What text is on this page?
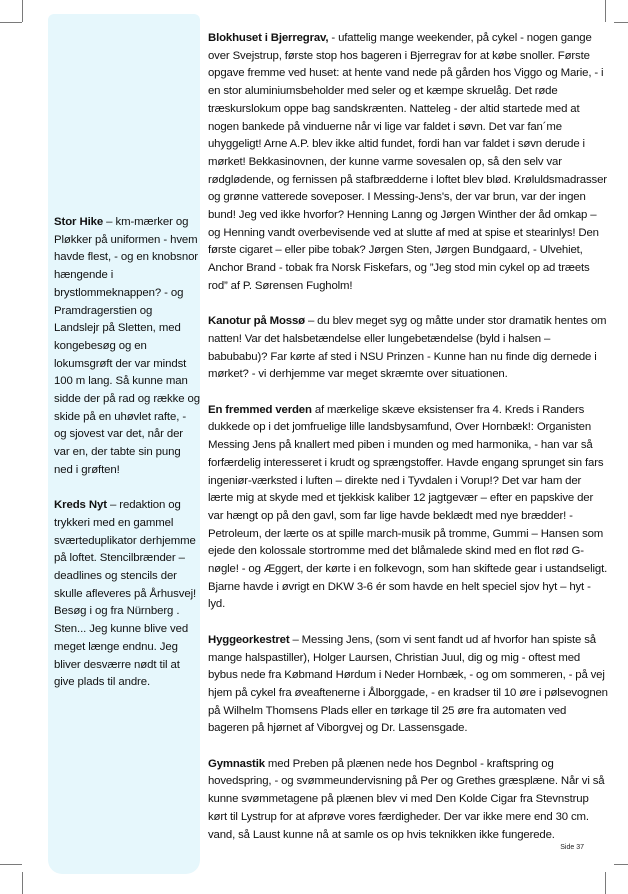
Stor Hike – km-mærker og Pløkker på uniformen - hvem havde flest, - og en knobsnor hængende i brystlommeknappen? - og Pramdragerstien og Landslejr på Sletten, med kongebesøg og en lokumsgrøft der var mindst 100 m lang. Så kunne man sidde der på rad og række og skide på en uhøvlet rafte, - og sjovest var det, når der var en, der tabte sin pung ned i grøften!

Kreds Nyt – redaktion og trykkeri med en gammel sværteduplikator derhjemme på loftet. Stencilbrænder – deadlines og stencils der skulle afleveres på Århusvej! Besøg i og fra Nürnberg . Sten... Jeg kunne blive ved meget længe endnu. Jeg bliver desværre nødt til at give plads til andre.

Blokhuset i Bjerregrav, - ufattelig mange weekender, på cykel - nogen gange over Svejstrup, første stop hos bageren i Bjerregrav for at købe snoller. Første opgave fremme ved huset: at hente vand nede på gården hos Viggo og Marie, - i en stor aluminiumsbeholder med seler og et kæmpe skruelåg. Det røde træskurslokum oppe bag sandskrænten. Natteleg - der altid startede med at nogen bankede på vinduerne når vi lige var faldet i søvn. Det var fan´me uhyggeligt! Arne A.P. blev ikke altid fundet, fordi han var faldet i søvn derude i mørket! Bekkasinovnen, der kunne varme sovesalen op, så den selv var rødglødende, og fernissen på stafbrædderne i loftet blev blød. Krøluldsmadrasser og grønne vatterede soveposer. I Messing-Jens's, der var brun, var der ingen bund! Jeg ved ikke hvorfor? Henning Lanng og Jørgen Winther der åd omkap – og Henning vandt overbevisende ved at slutte af med at spise et stearinlys! Den første cigaret – eller pibe tobak? Jørgen Sten, Jørgen Bundgaard, - Ulvehiet, Anchor Brand - tobak fra Norsk Fiskefars, og ”Jeg stod min cykel op ad træets rod” af P. Sørensen Fugholm!

Kanotur på Mossø – du blev meget syg og måtte under stor dramatik hentes om natten! Var det halsbetændelse eller lungebetændelse (byld i halsen – babubabu)? Far kørte af sted i NSU Prinzen - Kunne han nu finde dig dernede i mørket? - vi derhjemme var meget skræmte over situationen.

En fremmed verden af mærkelige skæve eksistenser fra 4. Kreds i Randers dukkede op i det jomfruelige lille landsbysamfund, Over Hornbæk!: Organisten Messing Jens på knallert med piben i munden og med harmonika, - han var så forfærdelig interesseret i krudt og sprængstoffer. Havde engang sprunget sin fars ingeniør-værksted i luften – direkte ned i Tyvdalen i Vorup!? Det var ham der lærte mig at skyde med et tjekkisk kaliber 12 jagtgevær – efter en papskive der var hængt op på den gavl, som far lige havde beklædt med nye brædder! - Petroleum, der lærte os at spille march-musik på tromme, Gummi – Hansen som ejede den kolossale stortromme med det blåmalede skind med en flot rød G-nøgle! - og Æggert, der kørte i en folkevogn, som han skiftede gear i ustandseligt. Bjarne havde i øvrigt en DKW 3-6 ér som havde en helt speciel sjov hyt – hyt - lyd.

Hyggeorkestret – Messing Jens, (som vi sent fandt ud af hvorfor han spiste så mange halspastiller), Holger Laursen, Christian Juul, dig og mig - oftest med bybus nede fra Købmand Hørdum i Neder Hornbæk, - og om sommeren, - på vej hjem på cykel fra øveaftenerne i Ålborggade, - en kradser til 10 øre i pølsevognen på Wilhelm Thomsens Plads eller en tørkage til 25 øre fra automaten ved bageren på hjørnet af Viborgvej og Dr. Lassensgade.

Gymnastik med Preben på plænen nede hos Degnbol - kraftspring og hovedspring, - og svømmeundervisning på Per og Grethes græsplæne. Når vi så kunne svømmetagene på plænen blev vi med Den Kolde Cigar fra Stevnstrup kørt til Lystrup for at afprøve vores færdigheder. Der var ikke mere end 30 cm. vand, så Laust kunne nå at samle os op hvis teknikken ikke fungerede.

Side 37
